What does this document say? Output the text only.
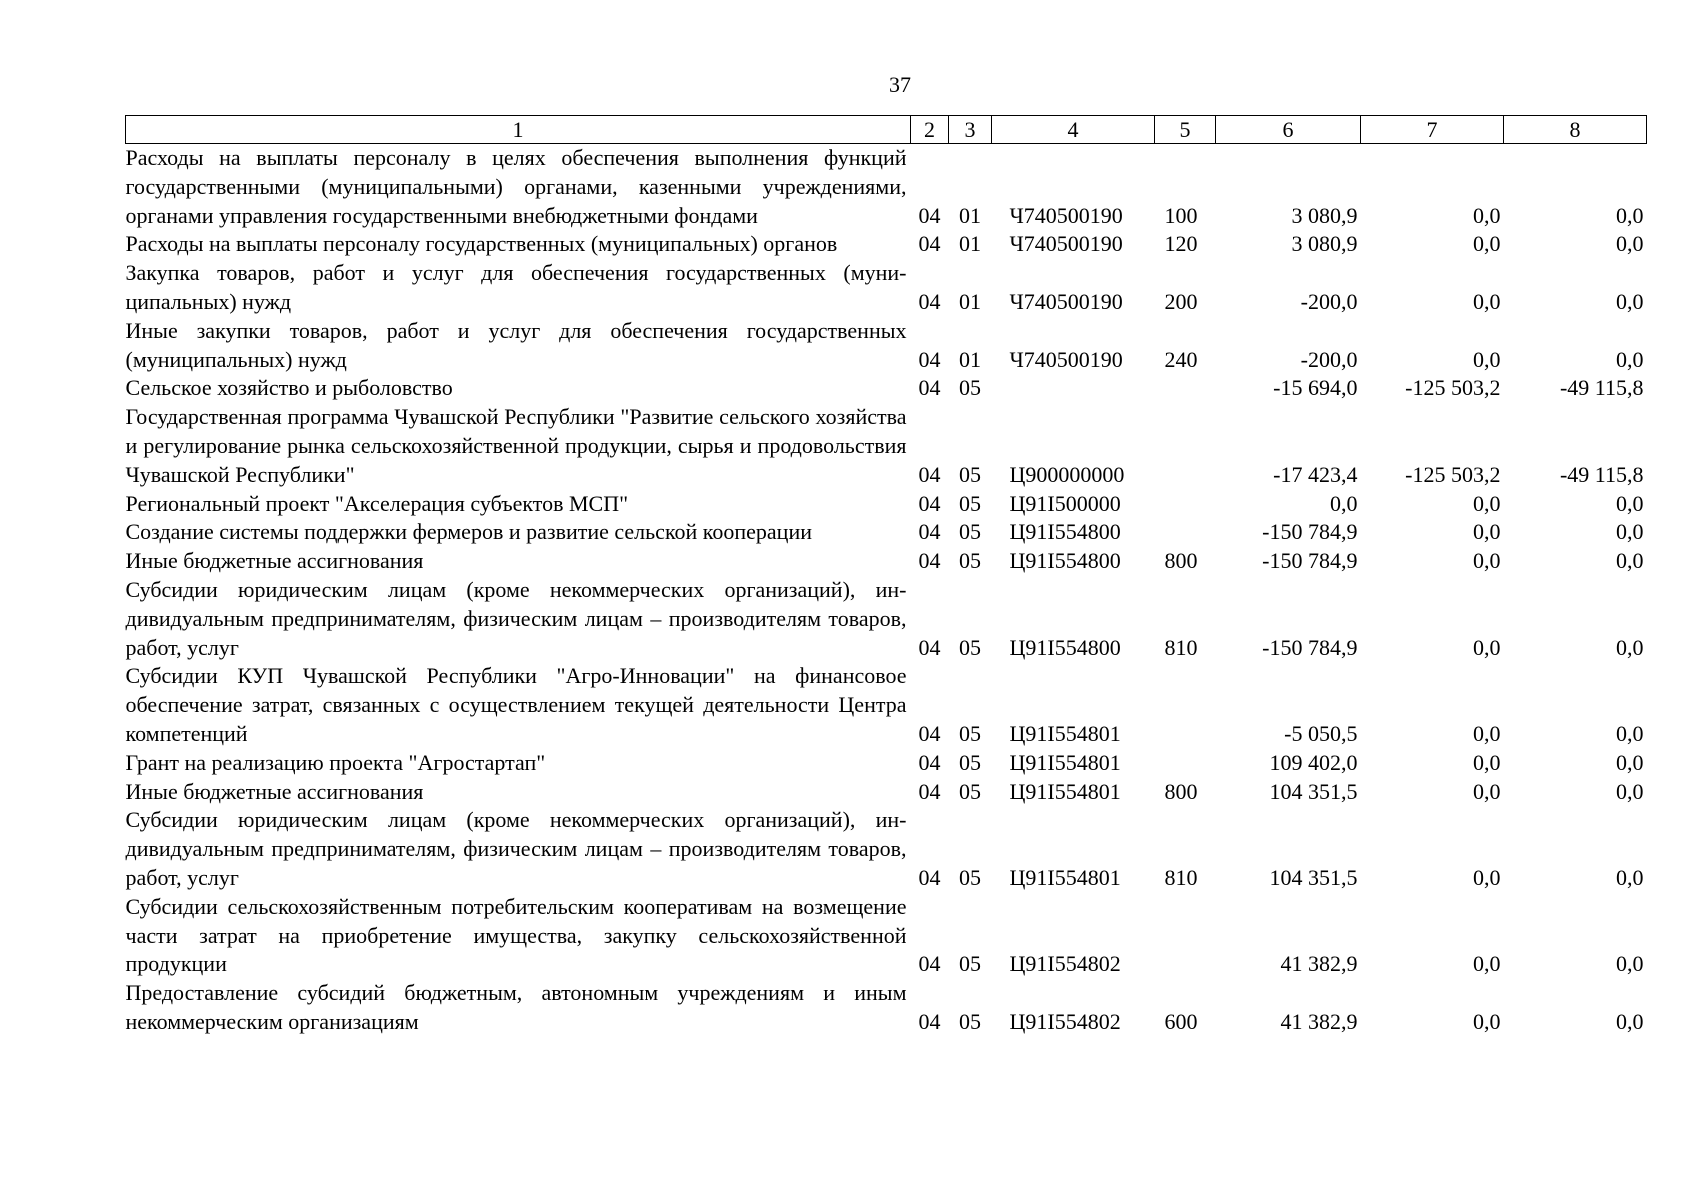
37
1	2	3	4	5	6	7	8
Расходы на выплаты персоналу в целях обеспечения выполнения функций государственными (муниципальными) органами, казенными учреждениями, органами управления государственными внебюджетными фондами	04	01	Ч740500190	100	3 080,9	0,0	0,0
Расходы на выплаты персоналу государственных (муниципальных) органов	04	01	Ч740500190	120	3 080,9	0,0	0,0
Закупка товаров, работ и услуг для обеспечения государственных (муниципальных) нужд	04	01	Ч740500190	200	-200,0	0,0	0,0
Иные закупки товаров, работ и услуг для обеспечения государственных (муниципальных) нужд	04	01	Ч740500190	240	-200,0	0,0	0,0
Сельское хозяйство и рыболовство	04	05			-15 694,0	-125 503,2	-49 115,8
Государственная программа Чувашской Республики "Развитие сельского хозяйства и регулирование рынка сельскохозяйственной продукции, сырья и продовольствия Чувашской Республики"	04	05	Ц900000000		-17 423,4	-125 503,2	-49 115,8
Региональный проект "Акселерация субъектов МСП"	04	05	Ц91I500000		0,0	0,0	0,0
Создание системы поддержки фермеров и развитие сельской кооперации	04	05	Ц91I554800		-150 784,9	0,0	0,0
Иные бюджетные ассигнования	04	05	Ц91I554800	800	-150 784,9	0,0	0,0
Субсидии юридическим лицам (кроме некоммерческих организаций), индивидуальным предпринимателям, физическим лицам – производителям товаров, работ, услуг	04	05	Ц91I554800	810	-150 784,9	0,0	0,0
Субсидии КУП Чувашской Республики "Агро-Инновации" на финансовое обеспечение затрат, связанных с осуществлением текущей деятельности Центра компетенций	04	05	Ц91I554801		-5 050,5	0,0	0,0
Грант на реализацию проекта "Агростартап"	04	05	Ц91I554801		109 402,0	0,0	0,0
Иные бюджетные ассигнования	04	05	Ц91I554801	800	104 351,5	0,0	0,0
Субсидии юридическим лицам (кроме некоммерческих организаций), индивидуальным предпринимателям, физическим лицам – производителям товаров, работ, услуг	04	05	Ц91I554801	810	104 351,5	0,0	0,0
Субсидии сельскохозяйственным потребительским кооперативам на возмещение части затрат на приобретение имущества, закупку сельскохозяйственной продукции	04	05	Ц91I554802		41 382,9	0,0	0,0
Предоставление субсидий бюджетным, автономным учреждениям и иным некоммерческим организациям	04	05	Ц91I554802	600	41 382,9	0,0	0,0
